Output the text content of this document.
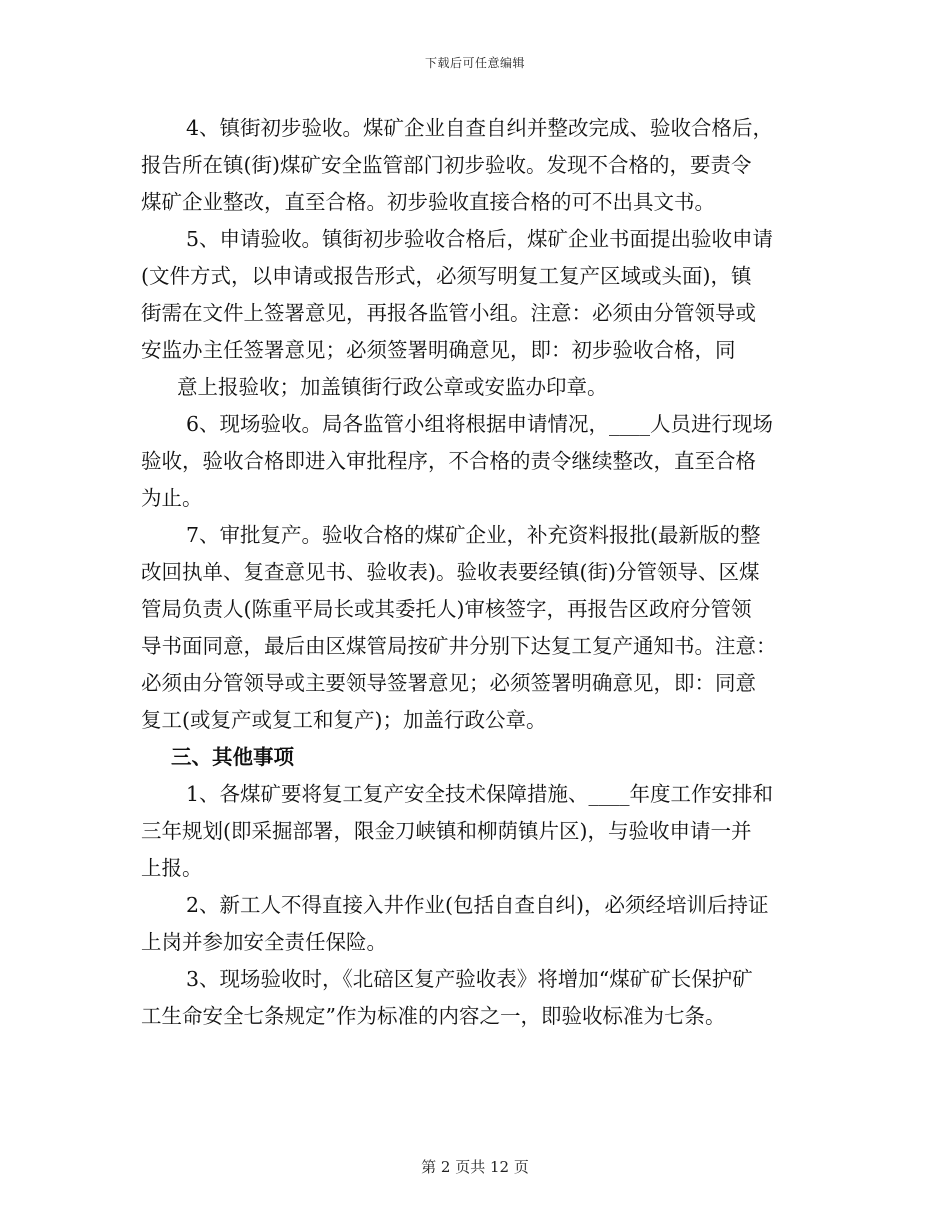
下载后可任意编辑
4、镇街初步验收。煤矿企业自查自纠并整改完成、验收合格后，
报告所在镇(街)煤矿安全监管部门初步验收。发现不合格的，要责令
煤矿企业整改，直至合格。初步验收直接合格的可不出具文书。
5、申请验收。镇街初步验收合格后，煤矿企业书面提出验收申请
(文件方式，以申请或报告形式，必须写明复工复产区域或头面)，镇
街需在文件上签署意见，再报各监管小组。注意：必须由分管领导或
安监办主任签署意见；必须签署明确意见，即：初步验收合格，同
意上报验收；加盖镇街行政公章或安监办印章。
6、现场验收。局各监管小组将根据申请情况，____人员进行现场
验收，验收合格即进入审批程序，不合格的责令继续整改，直至合格
为止。
7、审批复产。验收合格的煤矿企业，补充资料报批(最新版的整
改回执单、复查意见书、验收表)。验收表要经镇(街)分管领导、区煤
管局负责人(陈重平局长或其委托人)审核签字，再报告区政府分管领
导书面同意，最后由区煤管局按矿井分别下达复工复产通知书。注意：
必须由分管领导或主要领导签署意见；必须签署明确意见，即：同意
复工(或复产或复工和复产)；加盖行政公章。
三、其他事项
1、各煤矿要将复工复产安全技术保障措施、____年度工作安排和
三年规划(即采掘部署，限金刀峡镇和柳荫镇片区)，与验收申请一并
上报。
2、新工人不得直接入井作业(包括自查自纠)，必须经培训后持证
上岗并参加安全责任保险。
3、现场验收时，《北碚区复产验收表》将增加“煤矿矿长保护矿
工生命安全七条规定”作为标准的内容之一，即验收标准为七条。
第 2 页共 12 页
